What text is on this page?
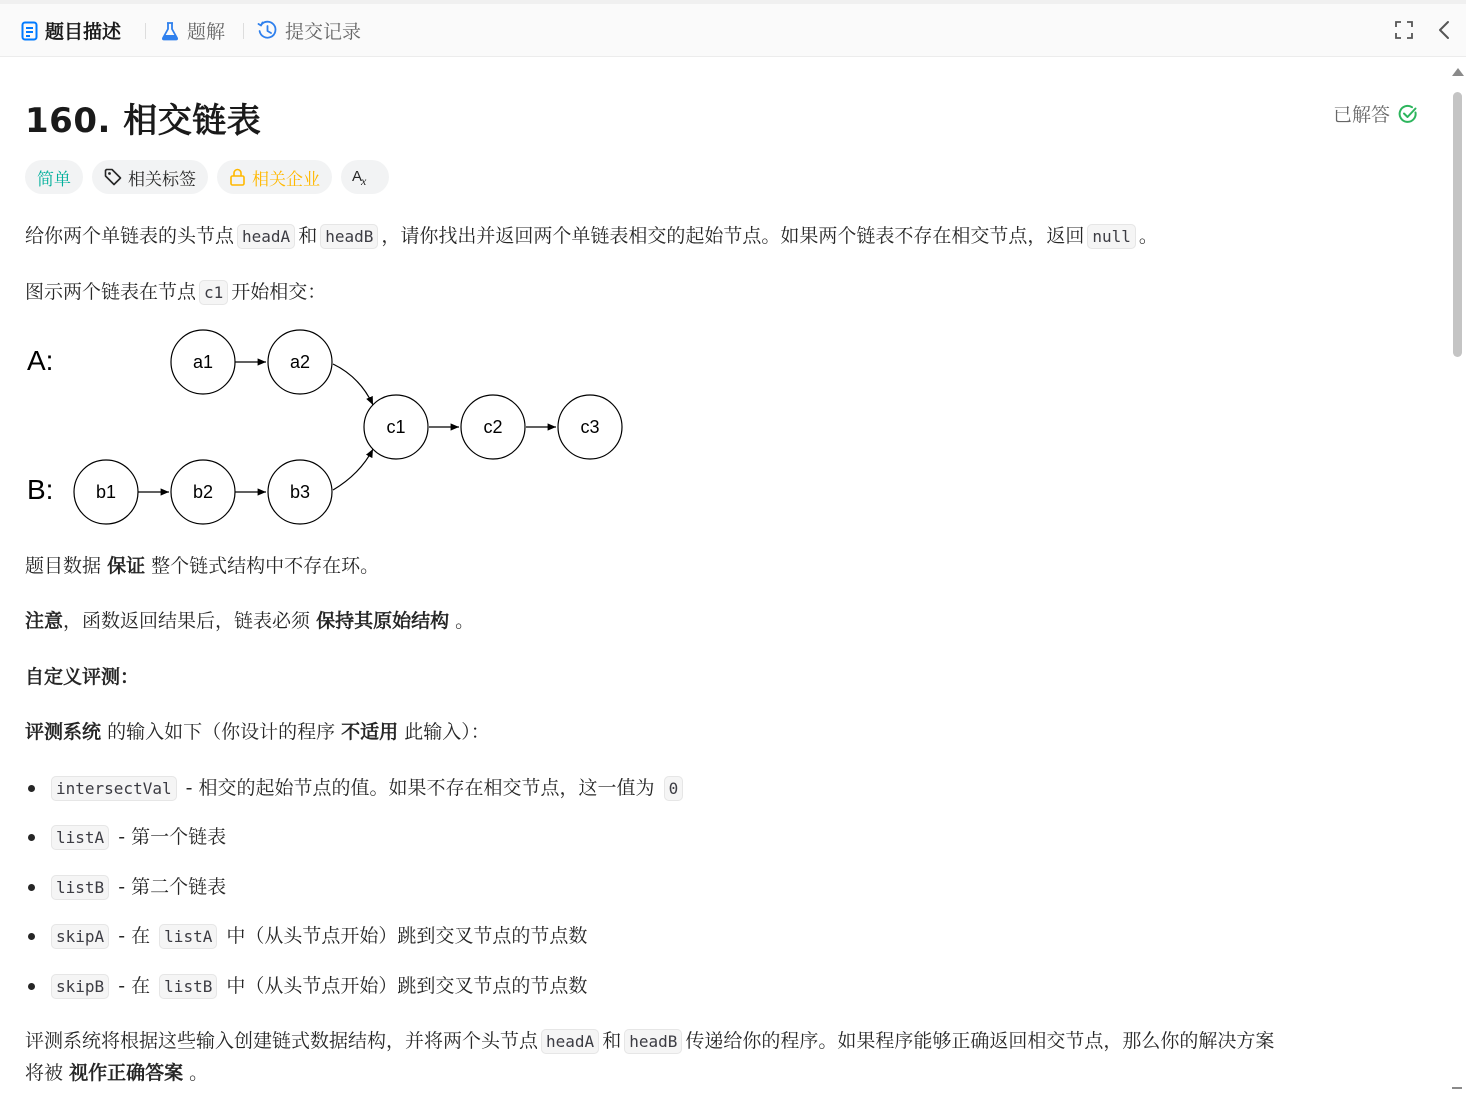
题目描述	题解	提交记录
160. 相交链表	已解答
简单	相关标签	相关企业 A
x

给你两个单链表的头节点 headA 和 headB ，请你找出并返回两个单链表相交的起始节点。如果两个链表不存在相交节点，返回 null 。

图示两个链表在节点 c1 开始相交：

A:
B:
a1	a2
b1	b2	b3
c1	c2	c3

题目数据 保证 整个链式结构中不存在环。

注意，函数返回结果后，链表必须 保持其原始结构 。

自定义评测：

评测系统 的输入如下（你设计的程序 不适用 此输入）：

intersectVal - 相交的起始节点的值。如果不存在相交节点，这一值为 0
listA - 第一个链表
listB - 第二个链表
skipA - 在 listA 中（从头节点开始）跳到交叉节点的节点数
skipB - 在 listB 中（从头节点开始）跳到交叉节点的节点数

评测系统将根据这些输入创建链式数据结构，并将两个头节点 headA 和 headB 传递给你的程序。如果程序能够正确返回相交节点，那么你的解决方案

将被 视作正确答案 。
